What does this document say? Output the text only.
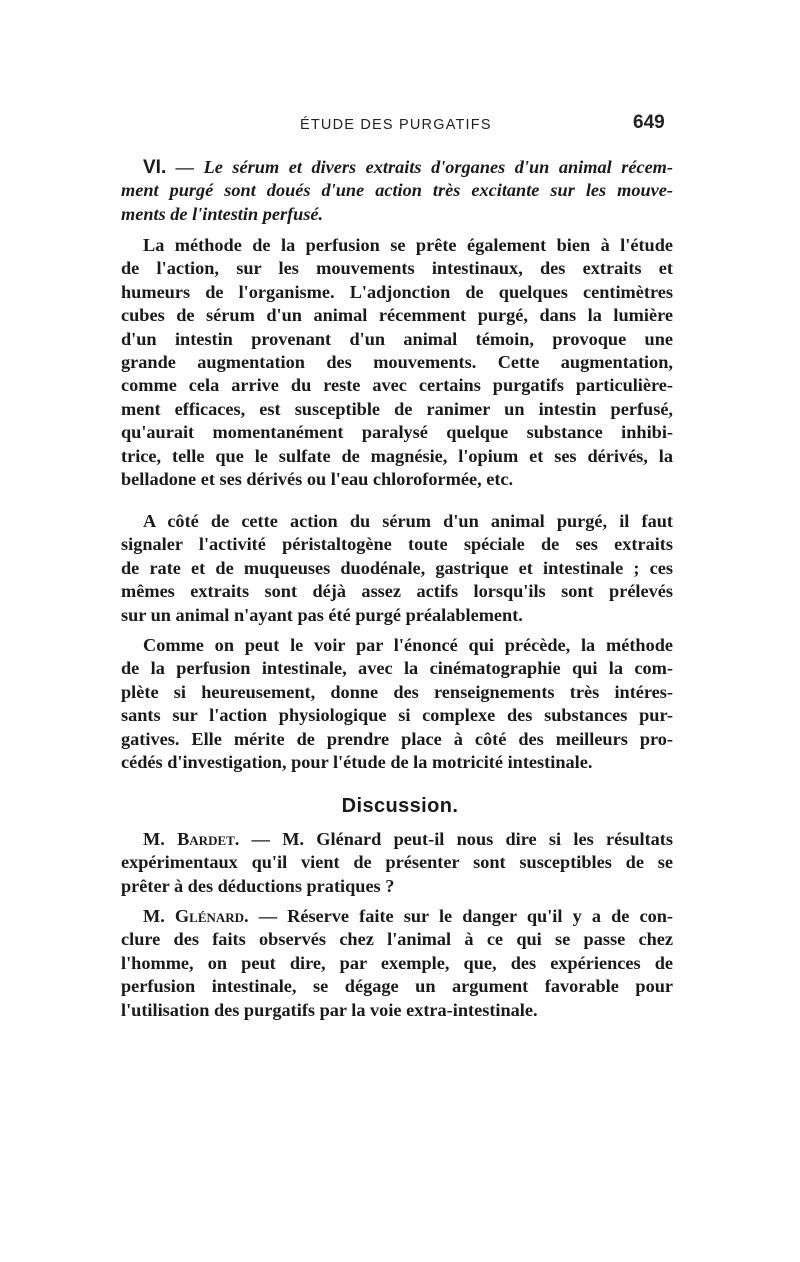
ÉTUDE DES PURGATIFS	649
VI. — Le sérum et divers extraits d'organes d'un animal récem-
ment purgé sont doués d'une action très excitante sur les mouve-
ments de l'intestin perfusé.
La méthode de la perfusion se prête également bien à l'étude
de l'action, sur les mouvements intestinaux, des extraits et
humeurs de l'organisme. L'adjonction de quelques centimètres
cubes de sérum d'un animal récemment purgé, dans la lumière
d'un intestin provenant d'un animal témoin, provoque une
grande augmentation des mouvements. Cette augmentation,
comme cela arrive du reste avec certains purgatifs particulière-
ment efficaces, est susceptible de ranimer un intestin perfusé,
qu'aurait momentanément paralysé quelque substance inhibi-
trice, telle que le sulfate de magnésie, l'opium et ses dérivés, la
belladone et ses dérivés ou l'eau chloroformée, etc.
A côté de cette action du sérum d'un animal purgé, il faut
signaler l'activité péristaltogène toute spéciale de ses extraits
de rate et de muqueuses duodénale, gastrique et intestinale ; ces
mêmes extraits sont déjà assez actifs lorsqu'ils sont prélevés
sur un animal n'ayant pas été purgé préalablement.
Comme on peut le voir par l'énoncé qui précède, la méthode
de la perfusion intestinale, avec la cinématographie qui la com-
plète si heureusement, donne des renseignements très intéres-
sants sur l'action physiologique si complexe des substances pur-
gatives. Elle mérite de prendre place à côté des meilleurs pro-
cédés d'investigation, pour l'étude de la motricité intestinale.
Discussion.
M. Bardet. — M. Glénard peut-il nous dire si les résultats
expérimentaux qu'il vient de présenter sont susceptibles de se
prêter à des déductions pratiques ?
M. Glénard. — Réserve faite sur le danger qu'il y a de con-
clure des faits observés chez l'animal à ce qui se passe chez
l'homme, on peut dire, par exemple, que, des expériences de
perfusion intestinale, se dégage un argument favorable pour
l'utilisation des purgatifs par la voie extra-intestinale.
